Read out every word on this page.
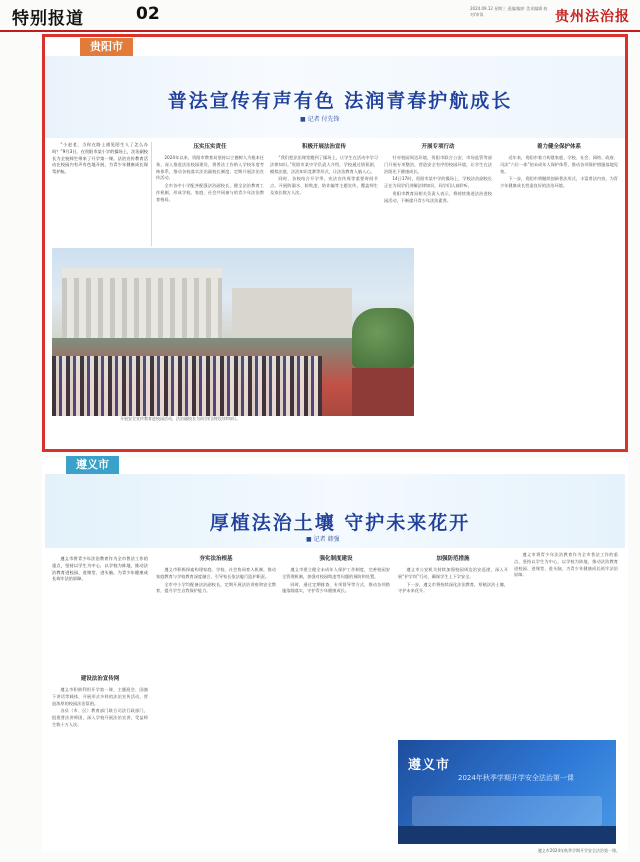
特别报道	02	2024.09.12 星期三 责编/编审 美术编辑 校对/审读	贵州法治报
贵阳市
普法宣传有声有色 法润青春护航成长
■ 记者 付先锋

“小赵老，当你在路上遇见陌生人了怎么办吗？”9月3日，在贵阳市某小学的操场上，法治副校长为全校师生带来了开学第一课。法治宣传教育活动在校园内有声有色地开展，为青少年健康成长保驾护航。

压实压实责任

2024年以来，贵阳市教育局坚持以立德树人为根本任务，深入推进法治校园建设，将普法工作纳入学校年度考核体系，推动各校落实法治副校长制度，定期开展法治宣传活动。

全市各中小学配齐配强法治副校长，健全法治教育工作机制，形成学校、家庭、社会共同参与的青少年法治教育格局。

积极开展法治宣传

“我们把法治课堂搬到了操场上，让学生在活动中学习法律知识。”贵阳市某中学负责人介绍，学校通过情景剧、模拟法庭、法治知识竞赛等形式，让法治教育入脑入心。

同时，各校结合开学季、宪法宣传周等重要时间节点，开展防溺水、防欺凌、防诈骗等主题宣传，覆盖师生及家长数万人次。

开展专项行动

针对校园周边环境，贵阳市联合公安、市场监管等部门开展专项整治，营造安全有序的校园环境，让学生在法治阳光下健康成长。

14日17时，贵阳市某中学的操场上，学校法治副校长正在为同学们讲解法律知识，同学们认真聆听。

贵阳市教育局相关负责人表示，将持续推进法治进校园活动，不断提升青少年法治素养。

着力健全保护体系

近年来，贵阳市着力构建家庭、学校、社会、网络、政府、司法“六位一体”的未成年人保护体系，推动各项保护措施落地见效。

下一步，贵阳市将继续创新普法形式，丰富普法内容，为青少年健康成长营造良好的法治环境。

开展安全宣传教育进校园活动，法治副校长为同学们讲授法律知识。
遵义市
厚植法治土壤 守护未来花开
■ 记者 韩强

遵义市将青少年法治教育作为全市普法工作的重点，坚持以学生为中心，以学校为阵地，推动法治教育进校园、进课堂、进头脑，为青少年健康成长筑牢法治屏障。

建设法治宣传网

遵义市积极利用开学第一课、主题班会、国旗下讲话等载体，开展形式多样的法治宣传活动，营造浓厚的校园法治氛围。

各县（市、区）教育部门联合司法行政部门，组建普法讲师团，深入学校开展法治宣讲，受益师生数十万人次。

夯实法治根基

遵义市积极探索构建家庭、学校、社会协同育人机制，推动家庭教育与学校教育深度融合，引导家长依法履行监护职责。

全市中小学均配备法治副校长，定期开展法治讲座和安全教育，提升学生自我保护能力。

强化制度建设

遵义市建立健全未成年人保护工作制度，完善校园安全管理机制，加强对校园欺凌等问题的预防和处置。

同时，通过定期排查、专项督导等方式，推动各项措施落细落实，守护青少年健康成长。

加强防范措施

遵义市公安机关持续加强校园周边治安巡逻，深入开展“护学岗”行动，确保学生上下学安全。

下一步，遵义市将持续深化法治教育，厚植法治土壤，守护未来花开。

遵义市将青少年法治教育作为全市普法工作的重点，坚持以学生为中心，以学校为阵地，推动法治教育进校园、进课堂、进头脑，为青少年健康成长筑牢法治屏障。

遵义市
2024年秋季学期开学安全法治第一课
遵义市2024年秋季学期开学安全法治第一课。
